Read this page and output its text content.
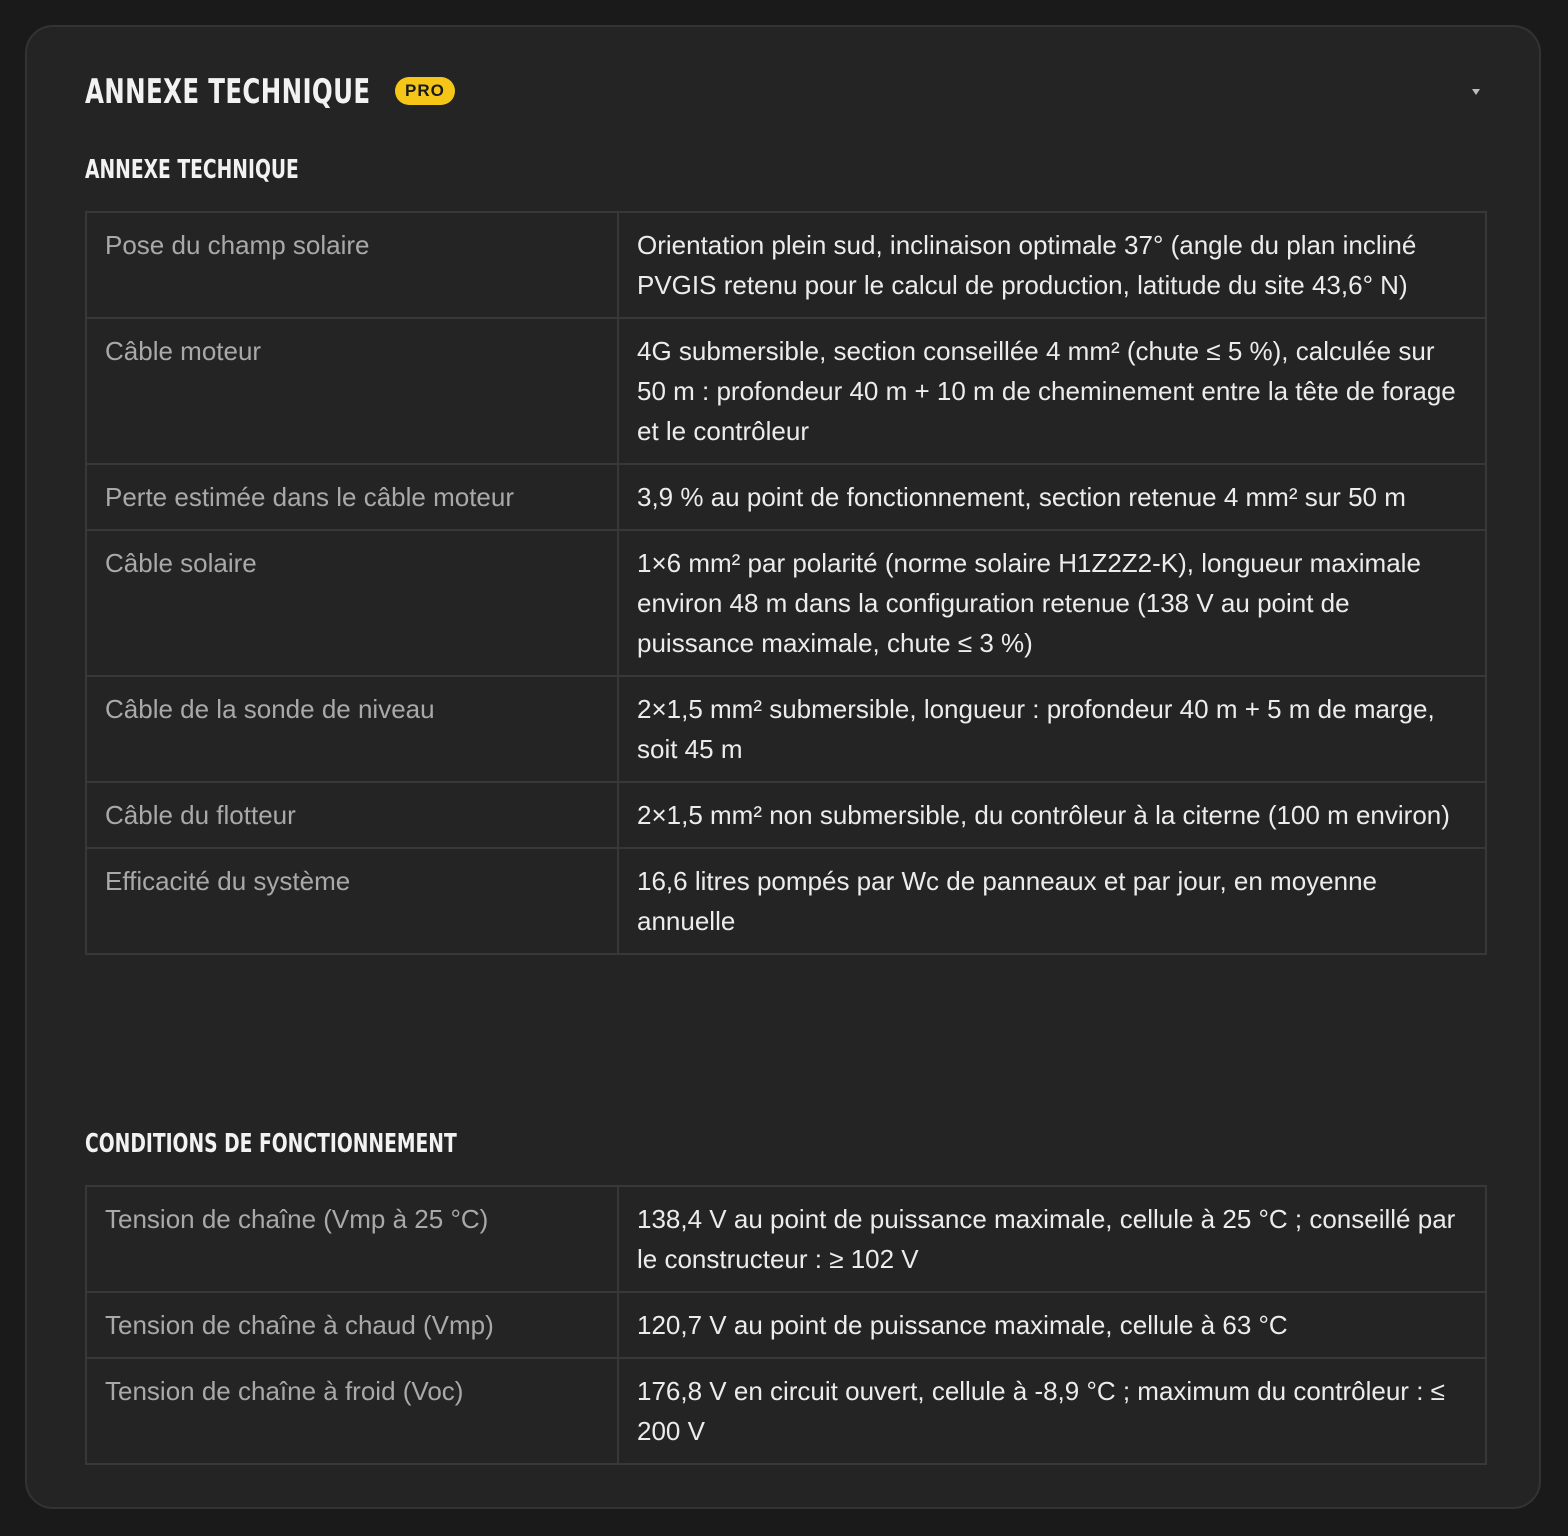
ANNEXE TECHNIQUE	PRO
ANNEXE TECHNIQUE
Pose du champ solaire	Orientation plein sud, inclinaison optimale 37° (angle du plan incliné PVGIS retenu pour le calcul de production, latitude du site 43,6° N)
Câble moteur	4G submersible, section conseillée 4 mm² (chute ≤ 5 %), calculée sur 50 m : profondeur 40 m + 10 m de cheminement entre la tête de forage et le contrôleur
Perte estimée dans le câble moteur	3,9 % au point de fonctionnement, section retenue 4 mm² sur 50 m
Câble solaire	1×6 mm² par polarité (norme solaire H1Z2Z2-K), longueur maximale environ 48 m dans la configuration retenue (138 V au point de puissance maximale, chute ≤ 3 %)
Câble de la sonde de niveau	2×1,5 mm² submersible, longueur : profondeur 40 m + 5 m de marge, soit 45 m
Câble du flotteur	2×1,5 mm² non submersible, du contrôleur à la citerne (100 m environ)
Efficacité du système	16,6 litres pompés par Wc de panneaux et par jour, en moyenne annuelle
CONDITIONS DE FONCTIONNEMENT
Tension de chaîne (Vmp à 25 °C)	138,4 V au point de puissance maximale, cellule à 25 °C ; conseillé par le constructeur : ≥ 102 V
Tension de chaîne à chaud (Vmp)	120,7 V au point de puissance maximale, cellule à 63 °C
Tension de chaîne à froid (Voc)	176,8 V en circuit ouvert, cellule à -8,9 °C ; maximum du contrôleur : ≤ 200 V
